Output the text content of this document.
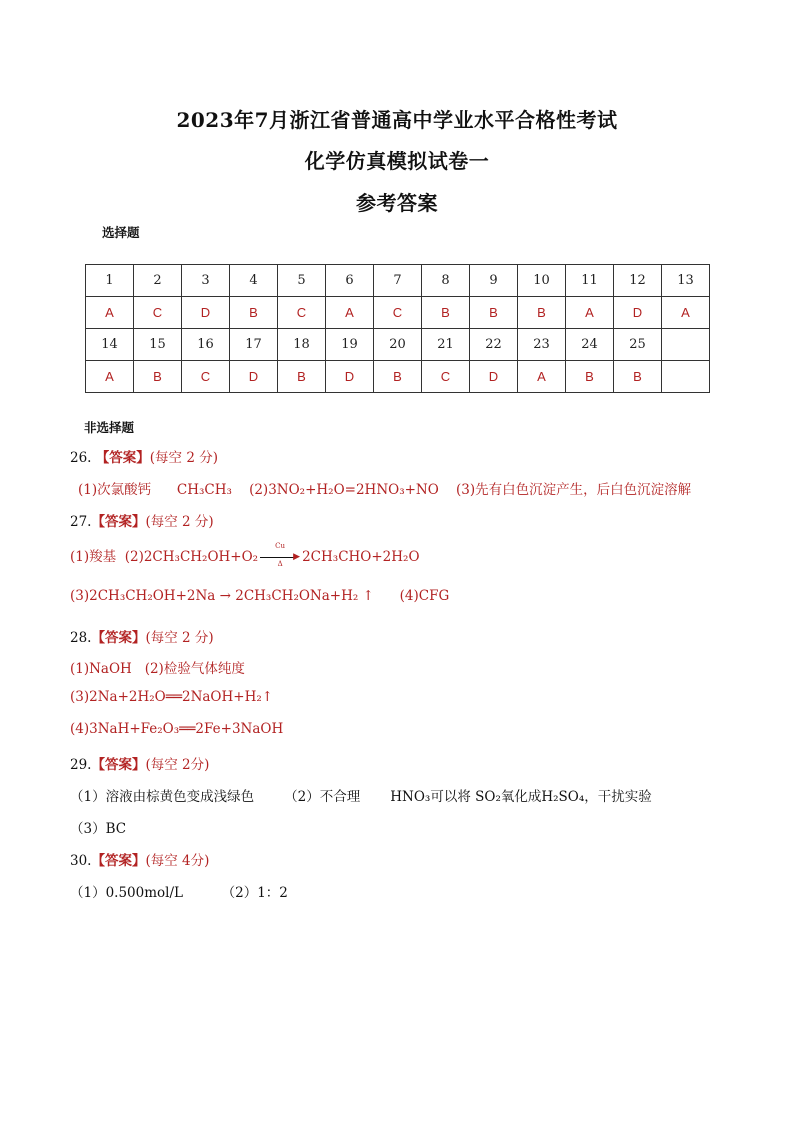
2023年7月浙江省普通高中学业水平合格性考试
化学仿真模拟试卷一
参考答案
选择题
1	2	3	4	5	6	7	8	9	10	11	12	13
A	C	D	B	C	A	C	B	B	B	A	D	A
14	15	16	17	18	19	20	21	22	23	24	25	
A	B	C	D	B	D	B	C	D	A	B	B	
非选择题
26. 【答案】(每空 2 分)
(1)次氯酸钙 CH₃CH₃ (2)3NO₂+H₂O=2HNO₃+NO (3)先有白色沉淀产生，后白色沉淀溶解
27.【答案】(每空 2 分)
(1)羧基 (2)2CH₃CH₂OH+O₂
Cu
▶
Δ	2CH₃CHO+2H₂O
(3)2CH₃CH₂OH+2Na → 2CH₃CH₂ONa+H₂ ↑ (4)CFG
28.【答案】(每空 2 分)
(1)NaOH (2)检验气体纯度
(3)2Na+2H₂O══2NaOH+H₂↑
(4)3NaH+Fe₂O₃══2Fe+3NaOH
29.【答案】(每空 2分)
（1）溶液由棕黄色变成浅绿色 （2）不合理 HNO₃可以将 SO₂氧化成H₂SO₄，干扰实验
（3）BC
30.【答案】(每空 4分)
（1）0.500mol/L	（2）1：2
